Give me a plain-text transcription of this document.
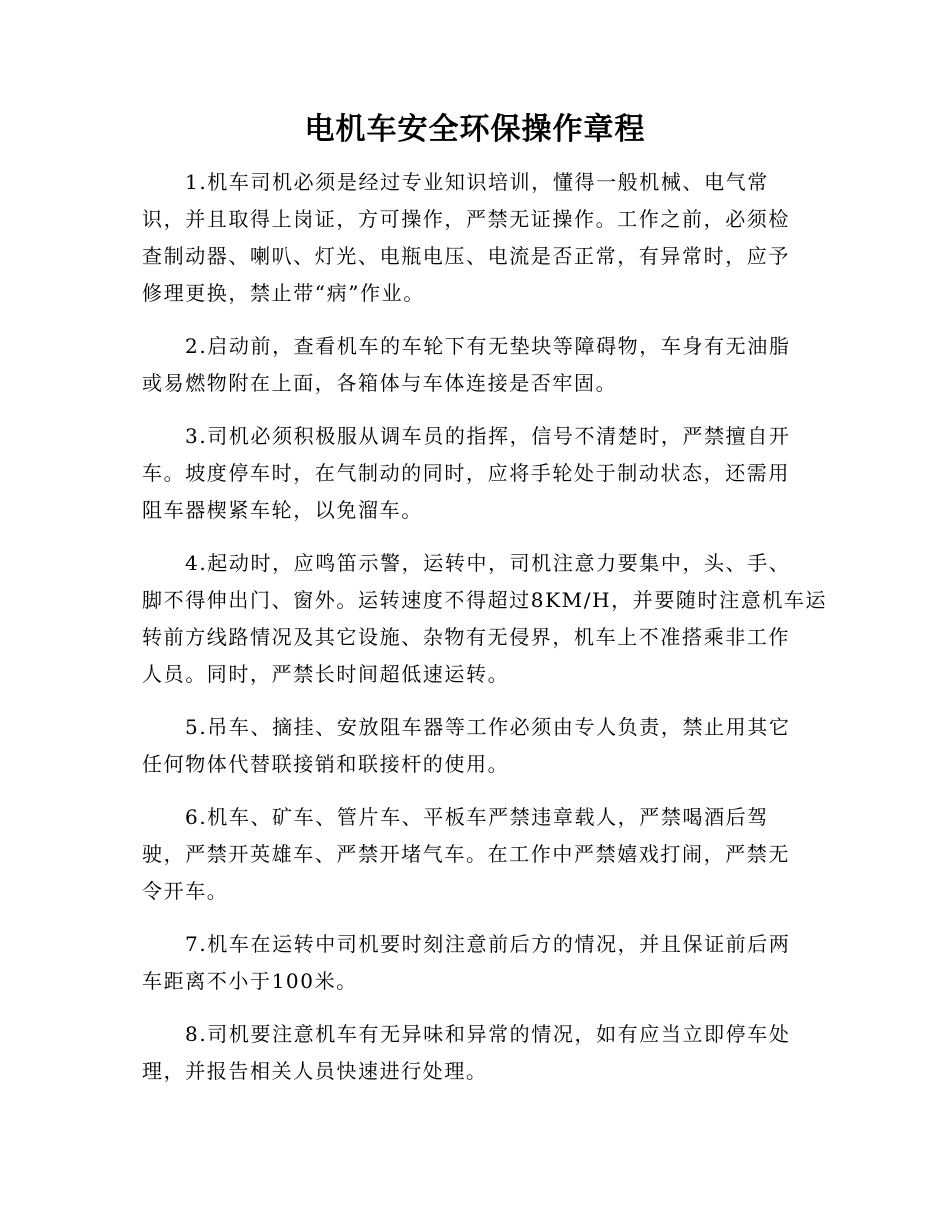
电机车安全环保操作章程
1.机车司机必须是经过专业知识培训，懂得一般机械、电气常
识，并且取得上岗证，方可操作，严禁无证操作。工作之前，必须检
查制动器、喇叭、灯光、电瓶电压、电流是否正常，有异常时，应予
修理更换，禁止带“病”作业。
2.启动前，查看机车的车轮下有无垫块等障碍物，车身有无油脂
或易燃物附在上面，各箱体与车体连接是否牢固。
3.司机必须积极服从调车员的指挥，信号不清楚时，严禁擅自开
车。坡度停车时，在气制动的同时，应将手轮处于制动状态，还需用
阻车器楔紧车轮，以免溜车。
4.起动时，应鸣笛示警，运转中，司机注意力要集中，头、手、
脚不得伸出门、窗外。运转速度不得超过8KM/H，并要随时注意机车运
转前方线路情况及其它设施、杂物有无侵界，机车上不准搭乘非工作
人员。同时，严禁长时间超低速运转。
5.吊车、摘挂、安放阻车器等工作必须由专人负责，禁止用其它
任何物体代替联接销和联接杆的使用。
6.机车、矿车、管片车、平板车严禁违章载人，严禁喝酒后驾
驶，严禁开英雄车、严禁开堵气车。在工作中严禁嬉戏打闹，严禁无
令开车。
7.机车在运转中司机要时刻注意前后方的情况，并且保证前后两
车距离不小于100米。
8.司机要注意机车有无异味和异常的情况，如有应当立即停车处
理，并报告相关人员快速进行处理。
